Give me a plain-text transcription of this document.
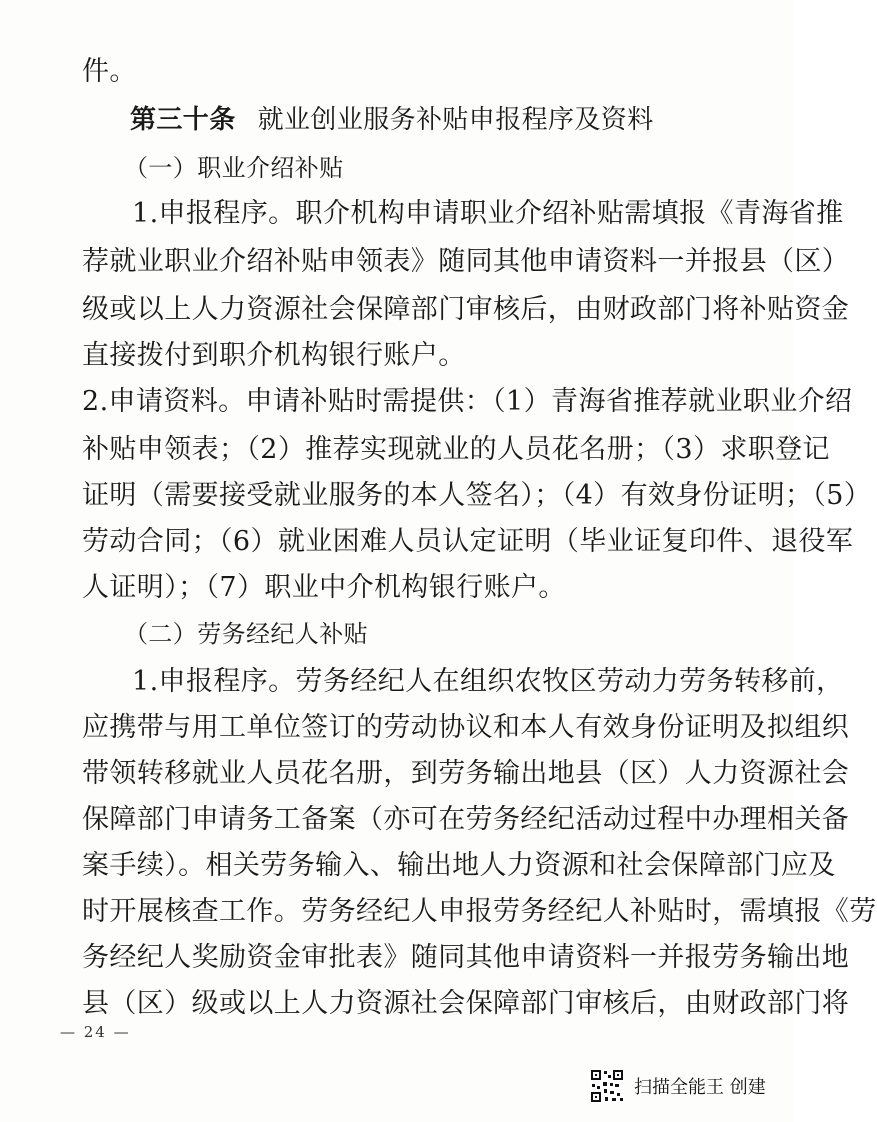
件。
第三十条 就业创业服务补贴申报程序及资料
（一）职业介绍补贴
1.申报程序。职介机构申请职业介绍补贴需填报《青海省推
荐就业职业介绍补贴申领表》随同其他申请资料一并报县（区）
级或以上人力资源社会保障部门审核后，由财政部门将补贴资金
直接拨付到职介机构银行账户。
2.申请资料。申请补贴时需提供：（1）青海省推荐就业职业介绍
补贴申领表；（2）推荐实现就业的人员花名册；（3）求职登记
证明（需要接受就业服务的本人签名）；（4）有效身份证明；（5）
劳动合同；（6）就业困难人员认定证明（毕业证复印件、退役军
人证明）；（7）职业中介机构银行账户。
（二）劳务经纪人补贴
1.申报程序。劳务经纪人在组织农牧区劳动力劳务转移前，
应携带与用工单位签订的劳动协议和本人有效身份证明及拟组织
带领转移就业人员花名册，到劳务输出地县（区）人力资源社会
保障部门申请务工备案（亦可在劳务经纪活动过程中办理相关备
案手续）。相关劳务输入、输出地人力资源和社会保障部门应及
时开展核查工作。劳务经纪人申报劳务经纪人补贴时，需填报《劳
务经纪人奖励资金审批表》随同其他申请资料一并报劳务输出地
县（区）级或以上人力资源社会保障部门审核后，由财政部门将
— 24 —
扫描全能王 创建
